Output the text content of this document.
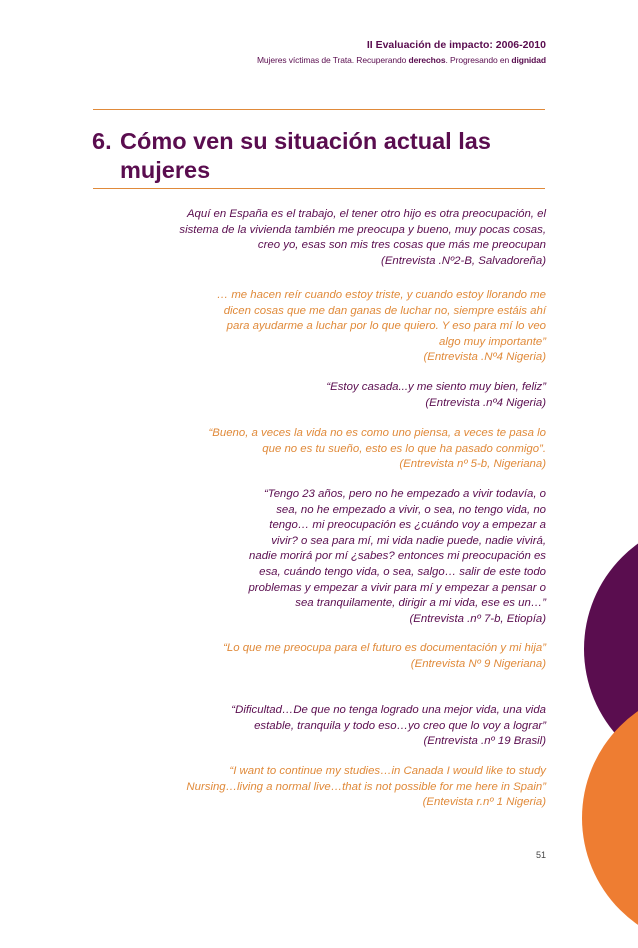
II Evaluación de impacto: 2006-2010
Mujeres víctimas de Trata. Recuperando derechos. Progresando en dignidad
6. Cómo ven su situación actual las
mujeres
Aquí en España es el trabajo, el tener otro hijo es otra preocupación, el
sistema de la vivienda también me preocupa y bueno, muy pocas cosas,
creo yo, esas son mis tres cosas que más me preocupan
(Entrevista .Nº2-B, Salvadoreña)
… me hacen reír cuando estoy triste, y cuando estoy llorando me
dicen cosas que me dan ganas de luchar no, siempre estáis ahí
para ayudarme a luchar por lo que quiero. Y eso para mí lo veo
algo muy importante”
(Entrevista .Nº4 Nigeria)
“Estoy casada...y me siento muy bien, feliz”
(Entrevista .nº4 Nigeria)
“Bueno, a veces la vida no es como uno piensa, a veces te pasa lo
que no es tu sueño, esto es lo que ha pasado conmigo”.
(Entrevista nº 5-b, Nigeriana)
“Tengo 23 años, pero no he empezado a vivir todavía, o
sea, no he empezado a vivir, o sea, no tengo vida, no
tengo… mi preocupación es ¿cuándo voy a empezar a
vivir? o sea para mí, mi vida nadie puede, nadie vivirá,
nadie morirá por mí ¿sabes? entonces mi preocupación es
esa, cuándo tengo vida, o sea, salgo… salir de este todo
problemas y empezar a vivir para mí y empezar a pensar o
sea tranquilamente, dirigir a mi vida, ese es un…”
(Entrevista .nº 7-b, Etiopía)
“Lo que me preocupa para el futuro es documentación y mi hija”
(Entrevista Nº 9 Nigeriana)
“Dificultad…De que no tenga logrado una mejor vida, una vida
estable, tranquila y todo eso…yo creo que lo voy a lograr”
(Entrevista .nº 19 Brasil)
“I want to continue my studies…in Canada I would like to study
Nursing…living a normal live…that is not possible for me here in Spain”
(Entevista r.nº 1 Nigeria)
51
